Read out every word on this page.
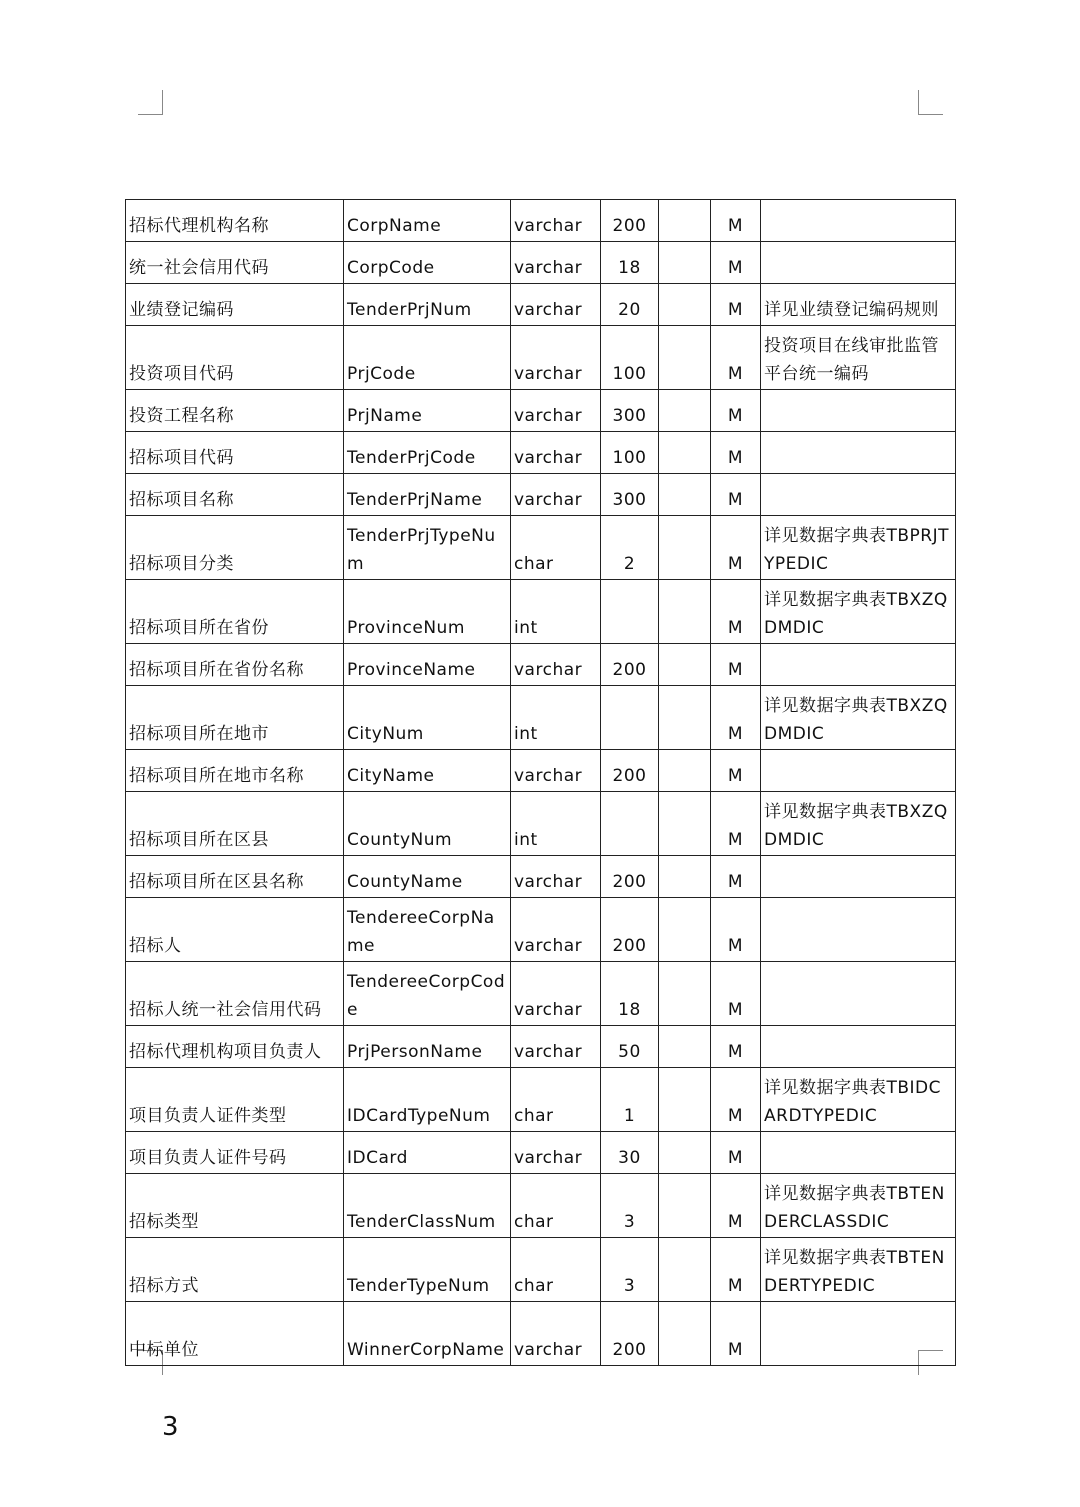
招标代理机构名称	CorpName	varchar	200		M	
统一社会信用代码	CorpCode	varchar	18		M	
业绩登记编码	TenderPrjNum	varchar	20		M	详见业绩登记编码规则
投资项目代码	PrjCode	varchar	100		M	投资项目在线审批监管平台统一编码
投资工程名称	PrjName	varchar	300		M	
招标项目代码	TenderPrjCode	varchar	100		M	
招标项目名称	TenderPrjName	varchar	300		M	
招标项目分类	TenderPrjTypeNum	char	2		M	详见数据字典表TBPRJTYPEDIC
招标项目所在省份	ProvinceNum	int			M	详见数据字典表TBXZQDMDIC
招标项目所在省份名称	ProvinceName	varchar	200		M	
招标项目所在地市	CityNum	int			M	详见数据字典表TBXZQDMDIC
招标项目所在地市名称	CityName	varchar	200		M	
招标项目所在区县	CountyNum	int			M	详见数据字典表TBXZQDMDIC
招标项目所在区县名称	CountyName	varchar	200		M	
招标人	TendereeCorpName	varchar	200		M	
招标人统一社会信用代码	TendereeCorpCode	varchar	18		M	
招标代理机构项目负责人	PrjPersonName	varchar	50		M	
项目负责人证件类型	IDCardTypeNum	char	1		M	详见数据字典表TBIDCARDTYPEDIC
项目负责人证件号码	IDCard	varchar	30		M	
招标类型	TenderClassNum	char	3		M	详见数据字典表TBTENDERCLASSDIC
招标方式	TenderTypeNum	char	3		M	详见数据字典表TBTENDERTYPEDIC
中标单位	WinnerCorpName	varchar	200		M	
3
